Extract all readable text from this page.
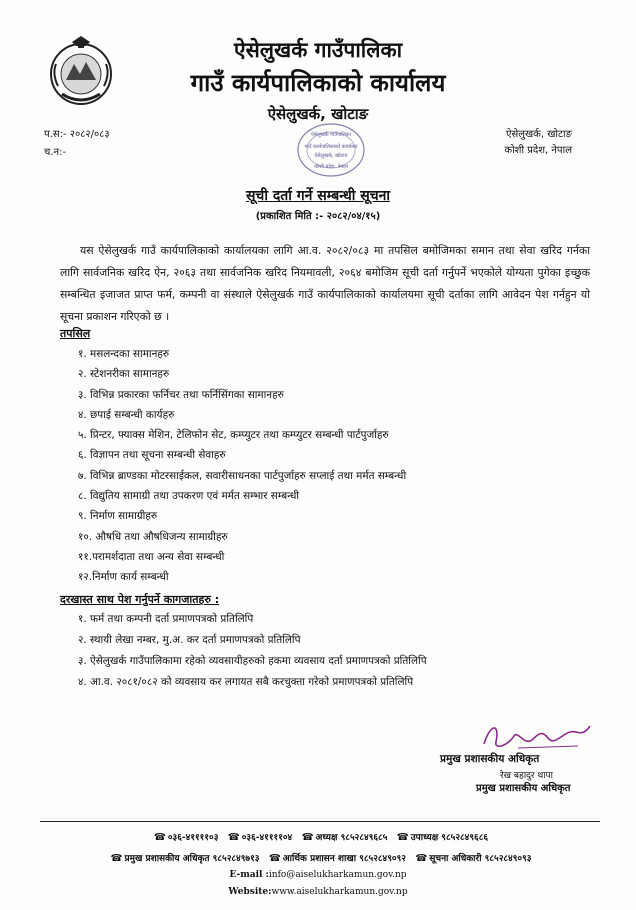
ऐसेलुखर्क गाउँपालिका
गाउँ कार्यपालिकाको कार्यालय
ऐसेलुखर्क, खोटाङ
प.स:- २०८२/०८३
च.न:-
ऐसेलुखर्क, खोटाङ
कोशी प्रदेश, नेपाल
ऐसेलुखर्क गाउँपालिका
गाउँ कार्यपालिकाको कार्यालय
ऐसेलुखर्क, खोटाङ
कोशी प्रदेश, नेपाल
सूची दर्ता गर्ने सम्बन्धी सूचना
(प्रकाशित मिति :- २०८२/०४/१५)
यस ऐसेलुखर्क गाउँ कार्यपालिकाको कार्यालयका लागि आ.व. २०८२/०८३ मा तपसिल बमोजिमका समान तथा सेवा खरिद गर्नका लागि सार्वजनिक खरिद ऐन, २०६३ तथा सार्वजनिक खरिद नियमावली, २०६४ बमोजिम सूची दर्ता गर्नुपर्ने भएकोले योग्यता पुगेका इच्छुक सम्बन्धित इजाजत प्राप्त फर्म, कम्पनी वा संस्थाले ऐसेलुखर्क गाउँ कार्यपालिकाको कार्यालयमा सूची दर्ताका लागि आवेदन पेश गर्नहुन यो सूचना प्रकाशन गरिएको छ ।
तपसिल
१. मसलन्दका सामानहरु
२. स्टेशनरीका सामानहरु
३. विभिन्न प्रकारका फर्निचर तथा फर्निसिंगका सामानहरु
४. छपाई सम्बन्धी कार्यहरु
५. प्रिन्टर, फ्याक्स मेशिन, टेलिफोन सेट, कम्प्युटर तथा कम्प्युटर सम्बन्धी पार्टपुर्जाहरु
६. विज्ञापन तथा सूचना सम्बन्धी सेवाहरु
७. विभिन्न ब्राण्डका मोटरसाईकल, सवारीसाधनका पार्टपुर्जाहरु सप्लाई तथा मर्मत सम्बन्धी
८. विद्युतिय सामाग्री तथा उपकरण एवं मर्मत सम्भार सम्बन्धी
९. निर्माण सामाग्रीहरु
१०. औषधि तथा औषधिजन्य सामाग्रीहरु
११.परामर्शदाता तथा अन्य सेवा सम्बन्धी
१२.निर्माण कार्य सम्बन्धी
दरखास्त साथ पेश गर्नुपर्ने कागजातहरु :
१. फर्म तथा कम्पनी दर्ता प्रमाणपत्रको प्रतिलिपि
२. स्थायी लेखा नम्बर, मु.अ. कर दर्ता प्रमाणपत्रको प्रतिलिपि
३. ऐसेलुखर्क गाउँपालिकामा रहेको व्यवसायीहरुको हकमा व्यवसाय दर्ता प्रमाणपत्रको प्रतिलिपि
४. आ.व. २०८१/०८२ को व्यवसाय कर लगायत सबै करचुक्ता गरेको प्रमाणपत्रको प्रतिलिपि
प्रमुख प्रशासकीय अधिकृत
रेख बहादुर थापा
प्रमुख प्रशासकीय अधिकृत
☎ ०३६-४११११०३ ☎ ०३६-४११११०४ ☎ अध्यक्ष ९८५२८४९६८५ ☎ उपाध्यक्ष ९८५२८४९६८६
☎ प्रमुख प्रशासकीय अधिकृत ९८५२८४९७१३ ☎ आर्थिक प्रशासन शाखा ९८५२८४९०९२ ☎ सूचना अधिकारी ९८५२८४९०९३
E-mail :info@aiselukharkamun.gov.np
Website:www.aiselukharkamun.gov.np
